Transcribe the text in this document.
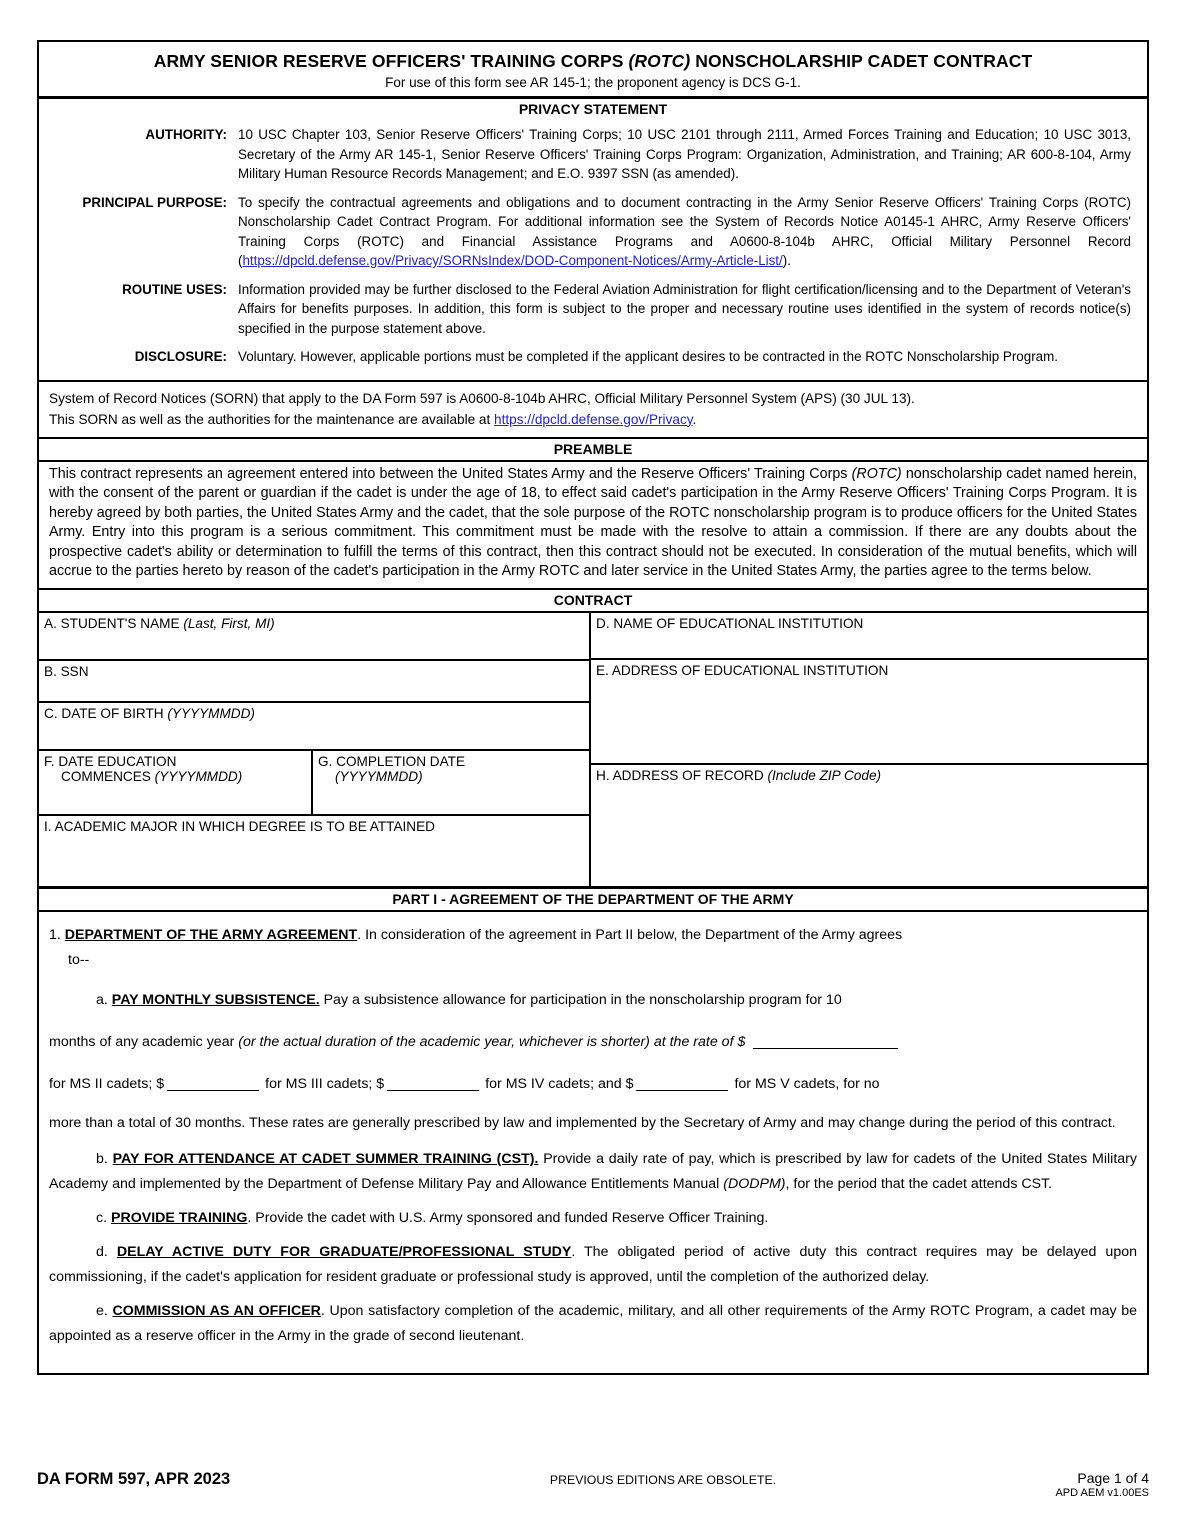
ARMY SENIOR RESERVE OFFICERS' TRAINING CORPS (ROTC) NONSCHOLARSHIP CADET CONTRACT
For use of this form see AR 145-1; the proponent agency is DCS G-1.
PRIVACY STATEMENT
AUTHORITY: 10 USC Chapter 103, Senior Reserve Officers' Training Corps; 10 USC 2101 through 2111, Armed Forces Training and Education; 10 USC 3013, Secretary of the Army AR 145-1, Senior Reserve Officers' Training Corps Program: Organization, Administration, and Training; AR 600-8-104, Army Military Human Resource Records Management; and E.O. 9397 SSN (as amended).
PRINCIPAL PURPOSE: To specify the contractual agreements and obligations and to document contracting in the Army Senior Reserve Officers' Training Corps (ROTC) Nonscholarship Cadet Contract Program. For additional information see the System of Records Notice A0145-1 AHRC, Army Reserve Officers' Training Corps (ROTC) and Financial Assistance Programs and A0600-8-104b AHRC, Official Military Personnel Record (https://dpcld.defense.gov/Privacy/SORNsIndex/DOD-Component-Notices/Army-Article-List/).
ROUTINE USES: Information provided may be further disclosed to the Federal Aviation Administration for flight certification/licensing and to the Department of Veteran's Affairs for benefits purposes. In addition, this form is subject to the proper and necessary routine uses identified in the system of records notice(s) specified in the purpose statement above.
DISCLOSURE: Voluntary. However, applicable portions must be completed if the applicant desires to be contracted in the ROTC Nonscholarship Program.
System of Record Notices (SORN) that apply to the DA Form 597 is A0600-8-104b AHRC, Official Military Personnel System (APS) (30 JUL 13).
This SORN as well as the authorities for the maintenance are available at https://dpcld.defense.gov/Privacy.
PREAMBLE
This contract represents an agreement entered into between the United States Army and the Reserve Officers' Training Corps (ROTC) nonscholarship cadet named herein, with the consent of the parent or guardian if the cadet is under the age of 18, to effect said cadet's participation in the Army Reserve Officers' Training Corps Program. It is hereby agreed by both parties, the United States Army and the cadet, that the sole purpose of the ROTC nonscholarship program is to produce officers for the United States Army. Entry into this program is a serious commitment. This commitment must be made with the resolve to attain a commission. If there are any doubts about the prospective cadet's ability or determination to fulfill the terms of this contract, then this contract should not be executed. In consideration of the mutual benefits, which will accrue to the parties hereto by reason of the cadet's participation in the Army ROTC and later service in the United States Army, the parties agree to the terms below.
CONTRACT
A. STUDENT'S NAME (Last, First, MI)
B. SSN
C. DATE OF BIRTH (YYYYMMDD)
F. DATE EDUCATION
COMMENCES (YYYYMMDD)
G. COMPLETION DATE
(YYYYMMDD)
I. ACADEMIC MAJOR IN WHICH DEGREE IS TO BE ATTAINED
D. NAME OF EDUCATIONAL INSTITUTION
E. ADDRESS OF EDUCATIONAL INSTITUTION
H. ADDRESS OF RECORD (Include ZIP Code)
PART I - AGREEMENT OF THE DEPARTMENT OF THE ARMY
1. DEPARTMENT OF THE ARMY AGREEMENT. In consideration of the agreement in Part II below, the Department of the Army agrees
to--
a. PAY MONTHLY SUBSISTENCE. Pay a subsistence allowance for participation in the nonscholarship program for 10
months of any academic year (or the actual duration of the academic year, whichever is shorter) at the rate of $
for MS II cadets; $	for MS III cadets; $	for MS IV cadets; and $	for MS V cadets, for no
more than a total of 30 months. These rates are generally prescribed by law and implemented by the Secretary of Army and may change during the period of this contract.
b. PAY FOR ATTENDANCE AT CADET SUMMER TRAINING (CST). Provide a daily rate of pay, which is prescribed by law for cadets of the United States Military Academy and implemented by the Department of Defense Military Pay and Allowance Entitlements Manual (DODPM), for the period that the cadet attends CST.
c. PROVIDE TRAINING. Provide the cadet with U.S. Army sponsored and funded Reserve Officer Training.
d. DELAY ACTIVE DUTY FOR GRADUATE/PROFESSIONAL STUDY. The obligated period of active duty this contract requires may be delayed upon commissioning, if the cadet's application for resident graduate or professional study is approved, until the completion of the authorized delay.
e. COMMISSION AS AN OFFICER. Upon satisfactory completion of the academic, military, and all other requirements of the Army ROTC Program, a cadet may be appointed as a reserve officer in the Army in the grade of second lieutenant.
DA FORM 597, APR 2023	PREVIOUS EDITIONS ARE OBSOLETE.	Page 1 of 4
APD AEM v1.00ES
